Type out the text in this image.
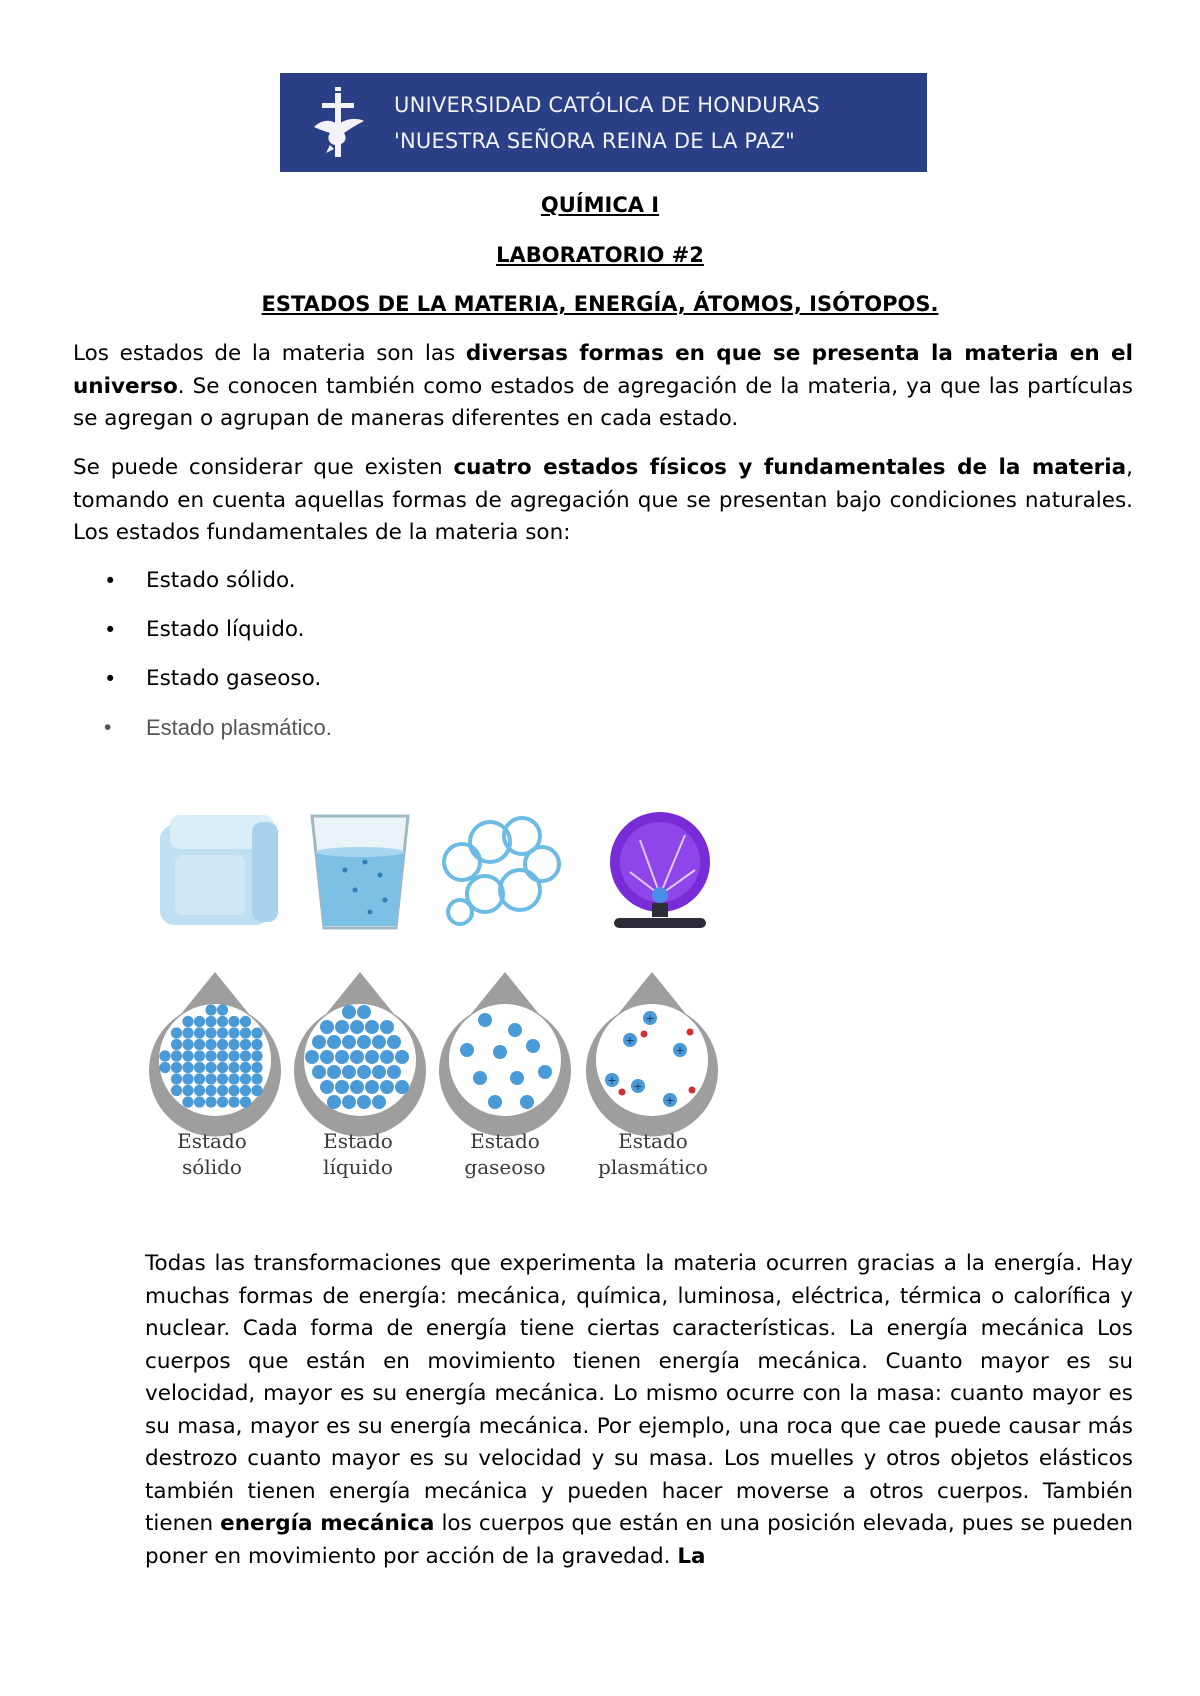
UNIVERSIDAD CATÓLICA DE HONDURAS
'NUESTRA SEÑORA REINA DE LA PAZ"
QUÍMICA I
LABORATORIO #2
ESTADOS DE LA MATERIA, ENERGÍA, ÁTOMOS, ISÓTOPOS.
Los estados de la materia son las diversas formas en que se presenta la materia en el universo. Se conocen también como estados de agregación de la materia, ya que las partículas se agregan o agrupan de maneras diferentes en cada estado.
Se puede considerar que existen cuatro estados físicos y fundamentales de la materia, tomando en cuenta aquellas formas de agregación que se presentan bajo condiciones naturales. Los estados fundamentales de la materia son:
• Estado sólido.
• Estado líquido.
• Estado gaseoso.
• Estado plasmático.
+
+
+
+ +
+
Estado
sólido
Estado
líquido
Estado
gaseoso
Estado
plasmático
Todas las transformaciones que experimenta la materia ocurren gracias a la energía. Hay muchas formas de energía: mecánica, química, luminosa, eléctrica, térmica o calorífica y nuclear. Cada forma de energía tiene ciertas características. La energía mecánica Los cuerpos que están en movimiento tienen energía mecánica. Cuanto mayor es su velocidad, mayor es su energía mecánica. Lo mismo ocurre con la masa: cuanto mayor es su masa, mayor es su energía mecánica. Por ejemplo, una roca que cae puede causar más destrozo cuanto mayor es su velocidad y su masa. Los muelles y otros objetos elásticos también tienen energía mecánica y pueden hacer moverse a otros cuerpos. También tienen energía mecánica los cuerpos que están en una posición elevada, pues se pueden poner en movimiento por acción de la gravedad. La
